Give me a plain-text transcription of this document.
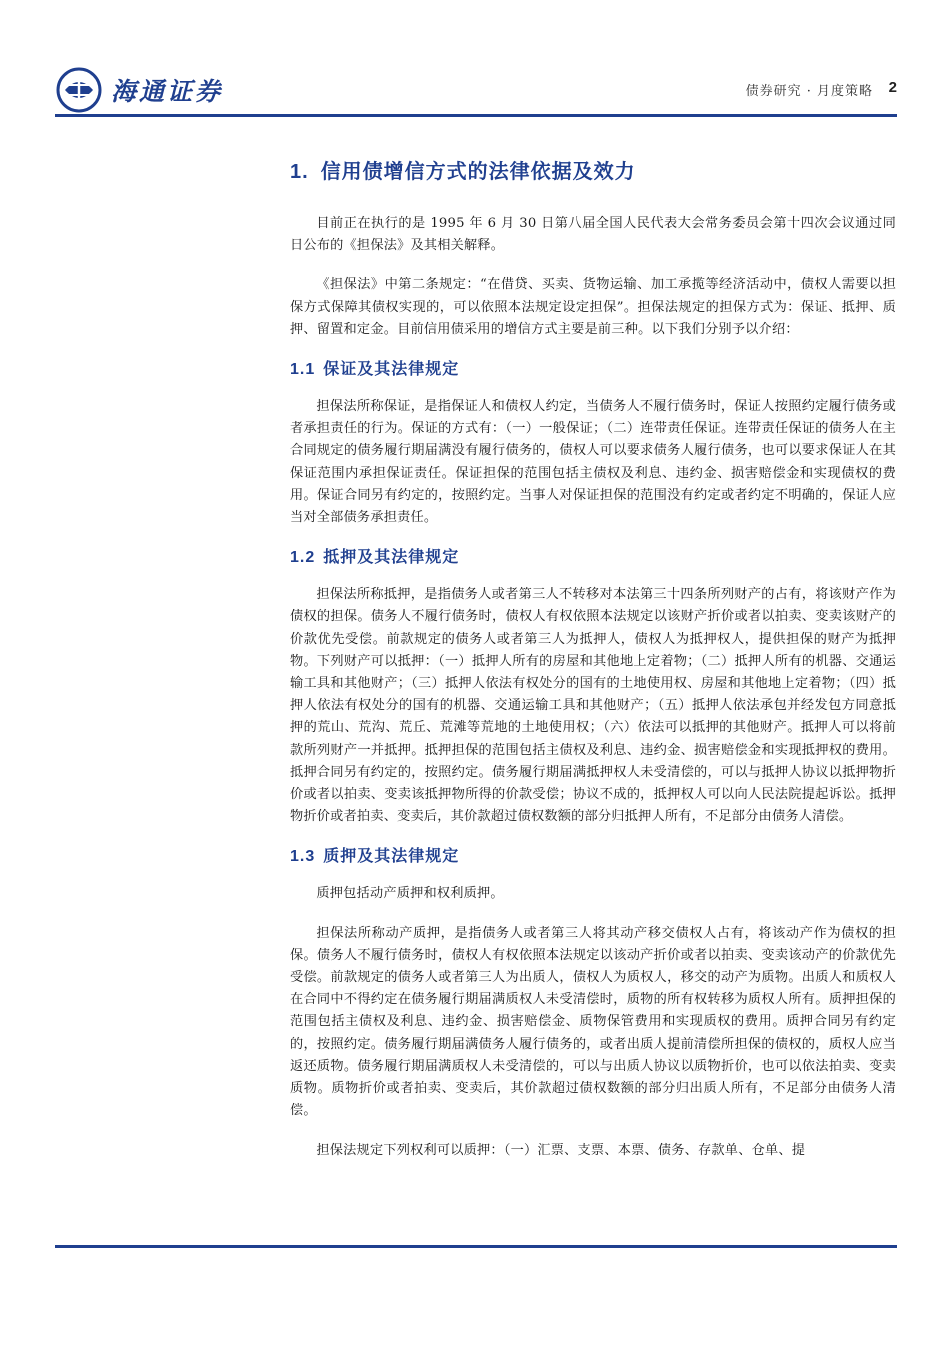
海通证券	债券研究 · 月度策略 2
1. 信用债增信方式的法律依据及效力

目前正在执行的是 1995 年 6 月 30 日第八届全国人民代表大会常务委员会第十四次会议通过同日公布的《担保法》及其相关解释。

《担保法》中第二条规定：“在借贷、买卖、货物运输、加工承揽等经济活动中，债权人需要以担保方式保障其债权实现的，可以依照本法规定设定担保”。担保法规定的担保方式为：保证、抵押、质押、留置和定金。目前信用债采用的增信方式主要是前三种。以下我们分别予以介绍：

1.1 保证及其法律规定

担保法所称保证，是指保证人和债权人约定，当债务人不履行债务时，保证人按照约定履行债务或者承担责任的行为。保证的方式有：（一）一般保证；（二）连带责任保证。连带责任保证的债务人在主合同规定的债务履行期届满没有履行债务的，债权人可以要求债务人履行债务，也可以要求保证人在其保证范围内承担保证责任。保证担保的范围包括主债权及利息、违约金、损害赔偿金和实现债权的费用。保证合同另有约定的，按照约定。当事人对保证担保的范围没有约定或者约定不明确的，保证人应当对全部债务承担责任。

1.2 抵押及其法律规定

担保法所称抵押，是指债务人或者第三人不转移对本法第三十四条所列财产的占有，将该财产作为债权的担保。债务人不履行债务时，债权人有权依照本法规定以该财产折价或者以拍卖、变卖该财产的价款优先受偿。前款规定的债务人或者第三人为抵押人，债权人为抵押权人，提供担保的财产为抵押物。下列财产可以抵押：（一）抵押人所有的房屋和其他地上定着物；（二）抵押人所有的机器、交通运输工具和其他财产；（三）抵押人依法有权处分的国有的土地使用权、房屋和其他地上定着物；（四）抵押人依法有权处分的国有的机器、交通运输工具和其他财产；（五）抵押人依法承包并经发包方同意抵押的荒山、荒沟、荒丘、荒滩等荒地的土地使用权；（六）依法可以抵押的其他财产。抵押人可以将前款所列财产一并抵押。抵押担保的范围包括主债权及利息、违约金、损害赔偿金和实现抵押权的费用。抵押合同另有约定的，按照约定。债务履行期届满抵押权人未受清偿的，可以与抵押人协议以抵押物折价或者以拍卖、变卖该抵押物所得的价款受偿；协议不成的，抵押权人可以向人民法院提起诉讼。抵押物折价或者拍卖、变卖后，其价款超过债权数额的部分归抵押人所有，不足部分由债务人清偿。

1.3 质押及其法律规定

质押包括动产质押和权利质押。

担保法所称动产质押，是指债务人或者第三人将其动产移交债权人占有，将该动产作为债权的担保。债务人不履行债务时，债权人有权依照本法规定以该动产折价或者以拍卖、变卖该动产的价款优先受偿。前款规定的债务人或者第三人为出质人，债权人为质权人，移交的动产为质物。出质人和质权人在合同中不得约定在债务履行期届满质权人未受清偿时，质物的所有权转移为质权人所有。质押担保的范围包括主债权及利息、违约金、损害赔偿金、质物保管费用和实现质权的费用。质押合同另有约定的，按照约定。债务履行期届满债务人履行债务的，或者出质人提前清偿所担保的债权的，质权人应当返还质物。债务履行期届满质权人未受清偿的，可以与出质人协议以质物折价，也可以依法拍卖、变卖质物。质物折价或者拍卖、变卖后，其价款超过债权数额的部分归出质人所有，不足部分由债务人清偿。

担保法规定下列权利可以质押：（一）汇票、支票、本票、债务、存款单、仓单、提
